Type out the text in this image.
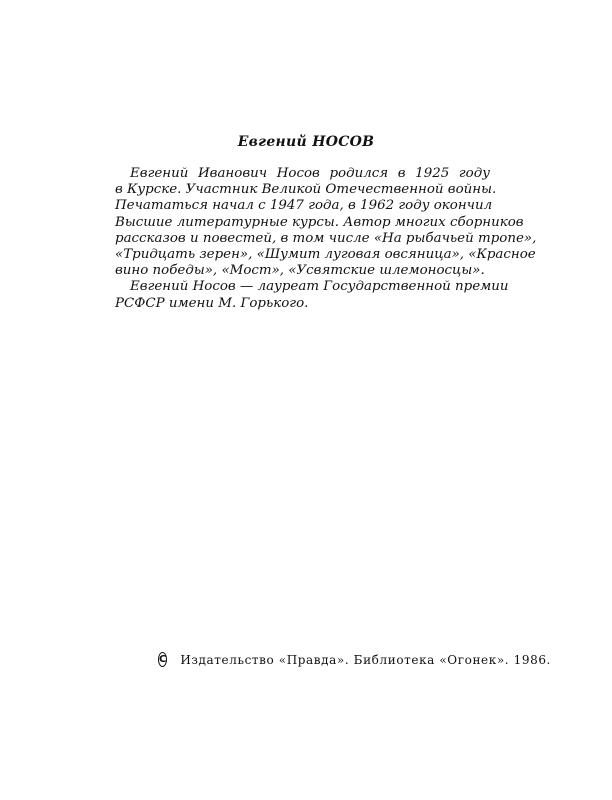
Евгений НОСОВ
Евгений Иванович Носов родился в 1925 году
в Курске. Участник Великой Отечественной войны.
Печататься начал с 1947 года, в 1962 году окончил
Высшие литературные курсы. Автор многих сборников
рассказов и повестей, в том числе «На рыбачьей тропе»,
«Тридцать зерен», «Шумит луговая овсяница», «Красное
вино победы», «Мост», «Усвятские шлемоносцы».
Евгений Носов — лауреат Государственной премии
РСФСР имени М. Горького.
C Издательство «Правда». Библиотека «Огонек». 1986.
